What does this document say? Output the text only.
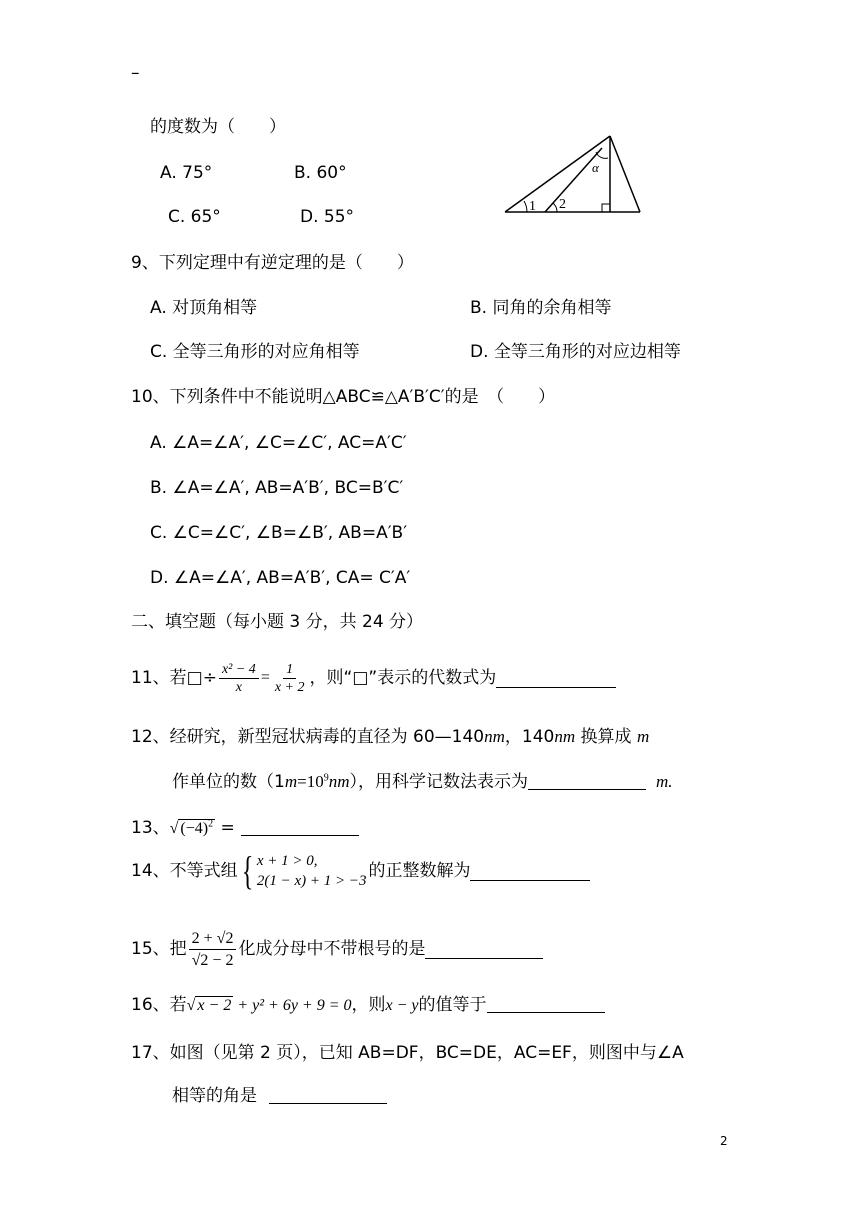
–
的度数为（　　）
A. 75°	B. 60°
C. 65°	D. 55°
1 2
α
9、下列定理中有逆定理的是（　　）
A. 对顶角相等	B. 同角的余角相等
C. 全等三角形的对应角相等	D. 全等三角形的对应边相等
10、下列条件中不能说明△ABC≌△A′B′C′的是　（　　）
A. ∠A=∠A′, ∠C=∠C′, AC=A′C′
B. ∠A=∠A′, AB=A′B′, BC=B′C′
C. ∠C=∠C′, ∠B=∠B′, AB=A′B′
D. ∠A=∠A′, AB=A′B′, CA= C′A′
二、填空题（每小题 3 分，共 24 分）
11、若□÷ $\frac{\text{x² − 4}}{x} = \frac{1}{x + 2}$ ，则“□”表示的代数式为
12、经研究，新型冠状病毒的直径为 60—140nm，140nm 换算成 m
作单位的数$(1m=10^9nm)$，用科学记数法表示为	m.
13、√ $(-4)^2$ =
14、不等式组 { x + 1 > 0,
2(1 − x) + 1 > −3 的正整数解为
15、把 $\frac{2 + √2}{√2 - 2}$ 化成分母中不带根号的是
16、若√ x − 2 + y² + 6y + 9 = 0，则x − y的值等于
17、如图（见第 2 页），已知 AB=DF，BC=DE，AC=EF，则图中与∠A
相等的角是
2
